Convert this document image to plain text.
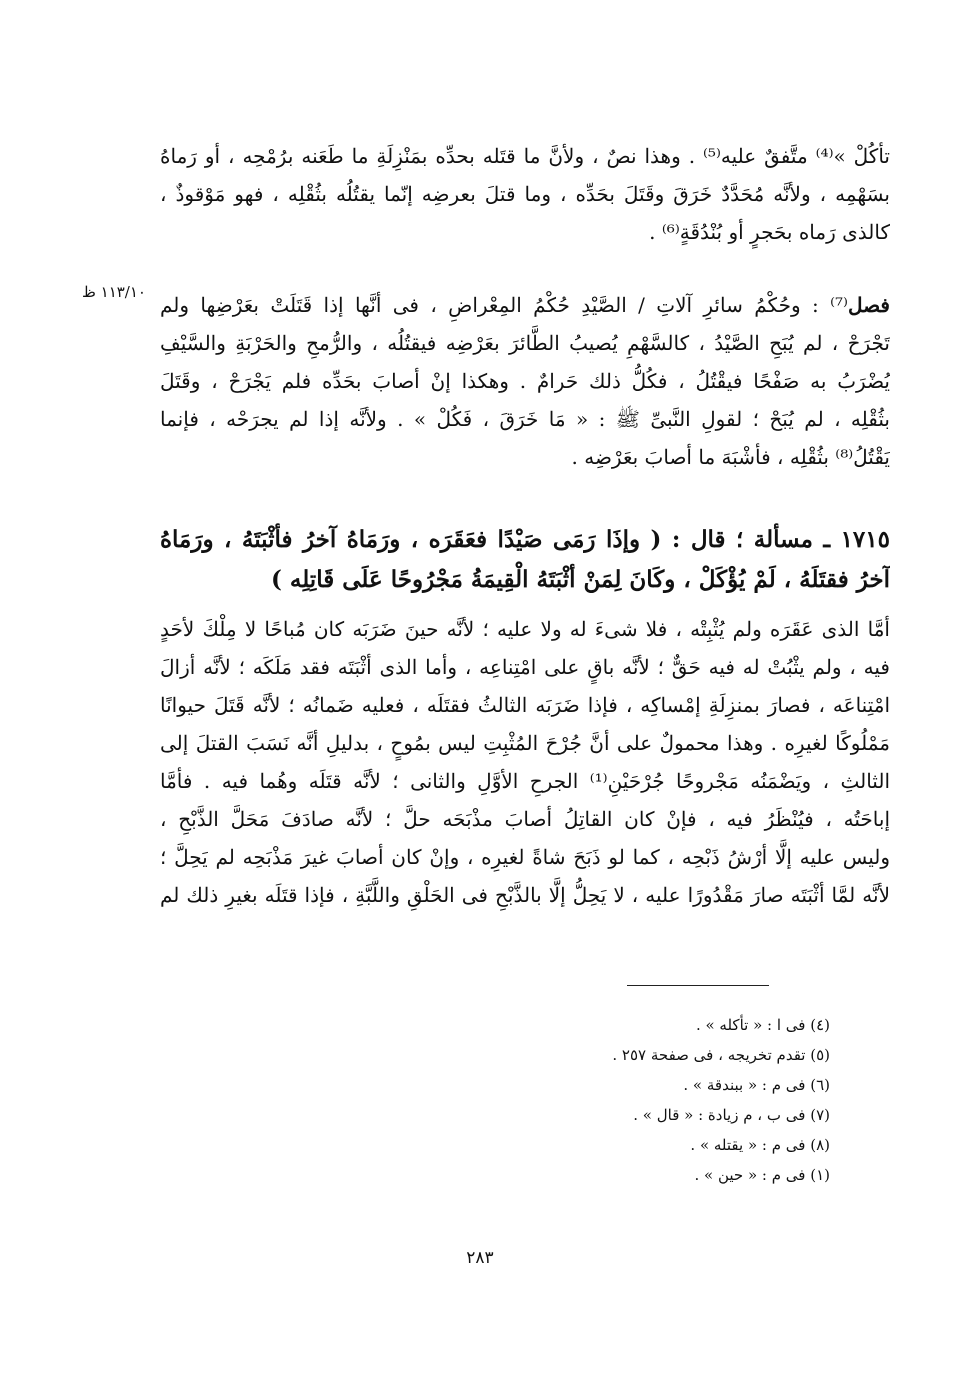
تأكُلْ »⁽⁴⁾ متَّفقٌ عليه⁽⁵⁾ . وهذا نصٌ ، ولأنَّ ما قتَله بحدِّه بمَنْزِلَةِ ما طَعَنه برُمْحِه ، أو رَماهُ
بسَهْمِه ، ولأنَّه مُحَدَّدٌ خَرَقَ وقَتَلَ بحَدِّه ، وما قتلَ بعرضِه إنّما يقتُلُه بثُقْلِه ، فهو مَوْقوذٌ ،
كالذى رَماه بحَجرٍ أو بُنْدُقَةٍ⁽⁶⁾ .
١١٣/١٠ ظ
فصل⁽⁷⁾ : وحُكْمُ سائرِ آلاتِ / الصَّيْدِ حُكْمُ المِعْراضِ ، فى أنَّها إذا قَتَلَتْ بعَرْضِها ولم
تَجْرَحْ ، لم يُبَحِ الصَّيْدُ ، كالسَّهْمِ يُصيبُ الطَّائرَ بعَرْضِه فيقتُلُه ، والرُّمحِ والحَرْبَةِ والسَّيْفِ
يُضْرَبُ به صَفْحًا فيقْتُلُ ، فكُلُّ ذلك حَرامٌ . وهكذا إنْ أصابَ بحَدِّه فلم يَجْرَحْ ، وقَتَلَ
بثُقْلِه ، لم يُبَحْ ؛ لقولِ النَّبىِّ ﷺ : « مَا خَرَقَ ، فَكُلْ » . ولأنَّه إذا لم يجرَحْه ، فإنما
يَقْتُلُ⁽⁸⁾ بثُقْلِه ، فأشْبَهَ ما أصابَ بعَرْضِه .
١٧١٥ ـ مسألة ؛ قال : ( وإذَا رَمَى صَيْدًا فعَقَرَه ، ورَمَاهُ آخرُ فأثْبَتَهُ ، ورَمَاهُ
آخرُ فقتَلَهُ ، لَمْ يُؤْكَلْ ، وكَانَ لِمَنْ أثْبَتَهُ الْقِيمَةُ مَجْرُوحًا عَلَى قَاتِلِه )
أمَّا الذى عَقَرَه ولم يُثْبِتْه ، فلا شىءَ له ولا عليه ؛ لأنَّه حينَ ضَرَبَه كان مُباحًا لا مِلْكَ لأحَدٍ
فيه ، ولم يثْبُتْ له فيه حَقٌّ ؛ لأنَّه باقٍ على امْتِناعِه ، وأما الذى أثْبَتَه فقد مَلَكَه ؛ لأنَّه أزالَ
امْتِناعَه ، فصارَ بمنزِلَةِ إمْساكِه ، فإذا ضَرَبَه الثالثُ فقتَلَه ، فعليه ضَمانُه ؛ لأنَّه قَتَلَ حيوانًا
مَمْلُوكًا لغيرِه . وهذا محمولٌ على أنَّ جُرْحَ المُثْبِتِ ليس بمُوحٍ ، بدليلِ أنَّه نَسَبَ القتلَ إلى
الثالثِ ، ويَضْمَنُه مَجْروحًا جُرْحَيْنِ⁽¹⁾ الجرحِ الأوَّلِ والثانى ؛ لأنَّه قتَلَه وهُما فيه . فأمَّا
إباحَتُه ، فيُنْظَرُ فيه ، فإنْ كان القاتِلُ أصابَ مذْبَحَه حلَّ ؛ لأنَّه صادَفَ مَحَلَّ الذَّبْحِ ،
وليس عليه إلَّا أرْشُ ذَبْحِه ، كما لو ذَبَحَ شاةً لغيرِه ، وإنْ كان أصابَ غيرَ مَذْبَحِه لم يَحِلَّ ؛
لأنَّه لمَّا أثْبَتَه صارَ مَقْدُورًا عليه ، لا يَحِلُّ إلَّا بالذَّبْحِ فى الحَلْقِ واللَّبَّةِ ، فإذا قتَلَه بغيرِ ذلك لم
(٤) فى ا : « تأكله » .
(٥) تقدم تخريجه ، فى صفحة ٢٥٧ .
(٦) فى م : « ببندقة » .
(٧) فى ب ، م زيادة : « قال » .
(٨) فى م : « يقتله » .
(١) فى م : « حين » .
٢٨٣
